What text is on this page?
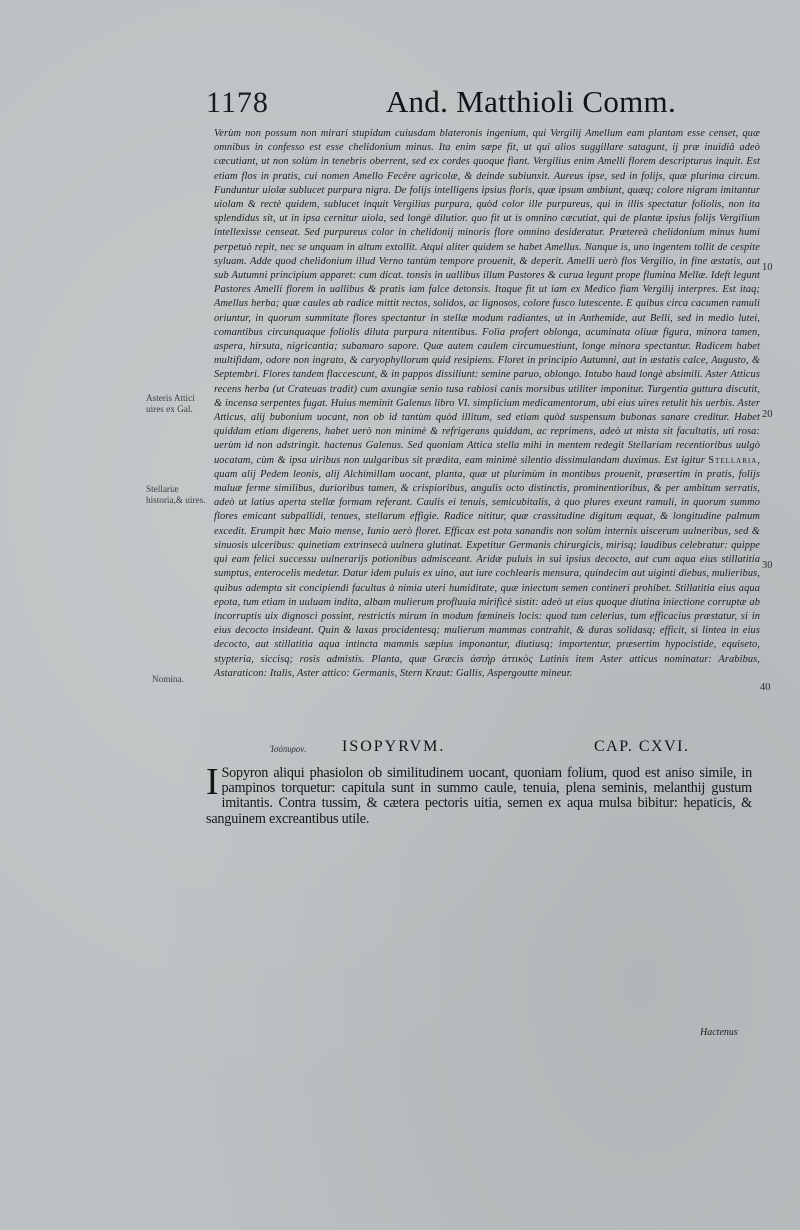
1178	And. Matthioli Comm.

Verùm non possum non mirari stupidum cuiusdam blateronis ingenium, qui Vergilij Amellum eam plantam esse censet, quæ omnibus in confesso est esse chelidonium minus. Ita enim sæpe fit, ut qui alios suggillare satagunt, ij præ inuidiâ adeò cæcutiant, ut non solùm in tenebris oberrent, sed ex cordes quoque fiant. Vergilius enim Amelli florem descripturus inquit. Est etiam flos in pratis, cui nomen Amello Fecêre agricolæ, & deinde subiunxit. Aureus ipse, sed in folijs, quæ plurima circum. Funduntur uiolæ sublucet purpura nigra. De folijs intelligens ipsius floris, quæ ipsum ambiunt, quæq; colore nigram imitantur uiolam & rectè quidem, sublucet inquit Vergilius purpura, quòd color ille purpureus, qui in illis spectatur foliolis, non ita splendidus sit, ut in ipsa cernitur uiola, sed longè dilutior. quo fit ut is omnino cæcutiat, qui de plantæ ipsius folijs Vergilium intellexisse censeat. Sed purpureus color in chelidonij minoris flore omnino desideratur. Prætereà chelidonium minus humi perpetuò repit, nec se unquam in altum extollit. Atqui aliter quidem se habet Amellus. Nanque is, uno ingentem tollit de cespite syluam. Adde quod chelidonium illud Verno tantùm tempore prouenit, & deperit. Amelli uerò flos Vergilio, in fine æstatis, aut sub Autumni principium apparet: cum dicat. tonsis in uallibus illum Pastores & curua legunt prope flumina Mellæ. Ideft legunt Pastores Amelli florem in uallibus & pratis iam falce detonsis. Itaque fit ut iam ex Medico fiam Vergilij interpres. Est itaq; Amellus herba; quæ caules ab radice mittit rectos, solidos, ac lignosos, colore fusco lutescente. E quibus circa cacumen ramuli oriuntur, in quorum summitate flores spectantur in stellæ modum radiantes, ut in Anthemide, aut Belli, sed in medio lutei, comantibus circunquaque foliolis diluta purpura nitentibus. Folia profert oblonga, acuminata oliuæ figura, minora tamen, aspera, hirsuta, nigricantia; subamaro sapore. Quæ autem caulem circumuestiunt, longe minora spectantur. Radicem habet multifidam, odore non ingrato, & caryophyllorum quid resipiens. Floret in principio Autumni, aut in æstatis calce, Augusto, & Septembri. Flores tandem flaccescunt, & in pappos dissiliunt: semine paruo, oblongo. Intubo haud longè absimili. Aster Atticus recens herba (ut Crateuas tradit) cum axungiæ senio tusa rabiosi canis morsibus utiliter imponitur. Turgentia guttura discutit, & incensa serpentes fugat. Huius meminit Galenus libro VI. simplicium medicamentorum, ubi eius uires retulit his uerbis. Aster Atticus, alij bubonium uocant, non ob id tantùm quòd illitum, sed etiam quòd suspensum bubonas sanare creditur. Habet quiddam etiam digerens, habet uerò non minimè & refrigerans quiddam, ac reprimens, adeò ut mista sit facultatis, uti rosa: uerùm id non adstringit. hactenus Galenus. Sed quoniam Attica stella mihi in mentem redegit Stellariam recentioribus uulgò uocatam, cùm & ipsa uiribus non uulgaribus sit prædita, eam minimè silentio dissimulandam duximus. Est igitur Stellaria, quam alij Pedem leonis, alij Alchimillam uocant, planta, quæ ut plurimùm in montibus prouenit, præsertim in pratis, folijs maluæ ferme similibus, durioribus tamen, & crispioribus, angulis octo distinctis, prominentioribus, & per ambitum serratis, adeò ut latius aperta stellæ formam referant. Caulis ei tenuis, semicubitalis, à quo plures exeunt ramuli, in quorum summo flores emicant subpallidi, tenues, stellarum effigie. Radice nititur, quæ crassitudine digitum æquat, & longitudine palmum excedit. Erumpit hæc Maio mense, Iunio uerò floret. Efficax est pota sanandis non solùm internis uiscerum uulneribus, sed & sinuosis ulceribus: quinetiam extrinsecà uulnera glutinat. Expetitur Germanis chirurgicis, mirisq; laudibus celebratur: quippe qui eam felici successu uulnerarijs potionibus admisceant. Aridæ puluis in sui ipsius decocto, aut cum aqua eius stillatitia sumptus, enterocelis medetur. Datur idem puluis ex uino, aut iure cochlearis mensura, quindecim aut uiginti diebus, mulieribus, quibus adempta sit concipiendi facultas à nimia uteri humiditate, quæ iniectum semen contineri prohibet. Stillatitia eius aqua epota, tum etiam in uuluam indita, albam mulierum profluuia mirificè sistit: adeò ut eius quoque diutina iniectione corruptæ ab incorruptis uix dignosci possint, restrictis mirum in modum fœmineis locis: quod tum celerius, tum efficacius præstatur, si in eius decocto insideant. Quin & laxas procidentesq; mulierum mammas contrahit, & duras solidasq; efficit, si lintea in eius decocto, aut stillatitia aqua intincta mammis sæpius imponantur, diutiusq; importentur, præsertim hypocistide, equiseto, stypteria, siccisq; rosis admistis. Planta, quæ Græcis ἀστὴρ ἀττικὸς Latinis item Aster atticus nominatur: Arabibus, Astaraticon: Italis, Aster attico: Germanis, Stern Kraut: Gallis, Aspergoutte mineur.

Asteris Attici uires ex Gal.
Stellariæ historia,& uires.
Nomina.
10
20
30
40
Ἰσόπυρον. ISOPYRVM.	CAP. CXVI.
I Sopyron aliqui phasiolon ob similitudinem uocant, quoniam folium, quod est aniso simile, in pampinos torquetur: capitula sunt in summo caule, tenuia, plena seminis, melanthij gustum imitantis. Contra tussim, & cætera pectoris uitia, semen ex aqua mulsa bibitur: hepaticis, & sanguinem excreantibus utile.
Hactenus
